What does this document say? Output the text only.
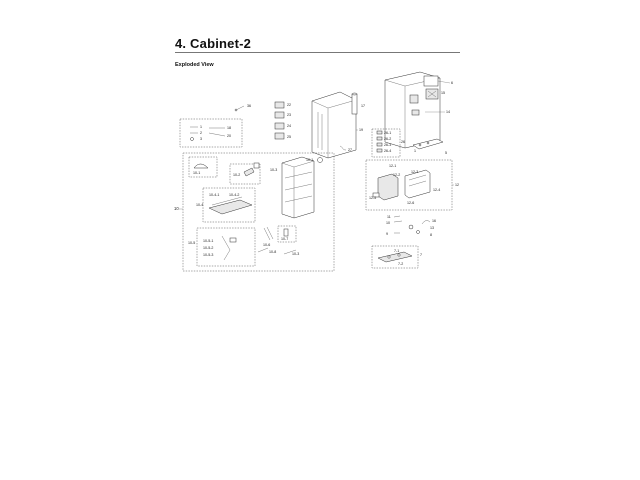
4. Cabinet-2
Exploded View
1
2
3
18
20
36	22
23
24
25
19
17
27
6
15
14
1	5
26-1
26-2
26-3
26-4
26
12-1
12-2
12-3
12-4
12-5
12-6
12
11
10
9
16
13
8
7-1
7-2
7
10
10-1	10-2
10-3
10-4
10-4-1	10-4-2
10-5 10-5-1
10-5-2
10-5-3
10-6
10-7
10-8	10-3
10-1
